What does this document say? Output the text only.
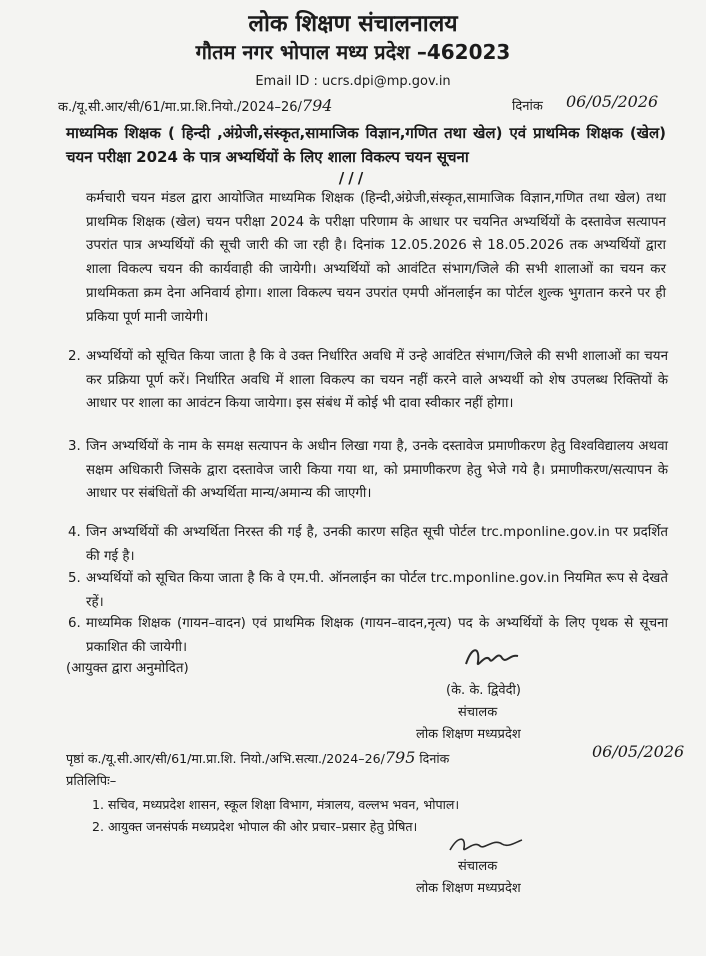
लोक शिक्षण संचालनालय
गौतम नगर भोपाल मध्य प्रदेश –462023
Email ID : ucrs.dpi@mp.gov.in
क./यू.सी.आर/सी/61/मा.प्रा.शि.नियो./2024–26/794	दिनांक 06/05/2026
माध्यमिक शिक्षक ( हिन्दी ,अंग्रेजी,संस्कृत,सामाजिक विज्ञान,गणित तथा खेल) एवं प्राथमिक शिक्षक (खेल) चयन परीक्षा 2024 के पात्र अभ्यर्थियों के लिए शाला विकल्प चयन सूचना
///

कर्मचारी चयन मंडल द्वारा आयोजित माध्यमिक शिक्षक (हिन्दी,अंग्रेजी,संस्कृत,सामाजिक विज्ञान,गणित तथा खेल) तथा प्राथमिक शिक्षक (खेल) चयन परीक्षा 2024 के परीक्षा परिणाम के आधार पर चयनित अभ्यर्थियों के दस्तावेज सत्यापन उपरांत पात्र अभ्यर्थियों की सूची जारी की जा रही है। दिनांक 12.05.2026 से 18.05.2026 तक अभ्यर्थियों द्वारा शाला विकल्प चयन की कार्यवाही की जायेगी। अभ्यर्थियों को आवंटित संभाग/जिले की सभी शालाओं का चयन कर प्राथमिकता क्रम देना अनिवार्य होगा। शाला विकल्प चयन उपरांत एमपी ऑनलाईन का पोर्टल शुल्क भुगतान करने पर ही प्रकिया पूर्ण मानी जायेगी।

2. अभ्यर्थियों को सूचित किया जाता है कि वे उक्त निर्धारित अवधि में उन्हे आवंटित संभाग/जिले की सभी शालाओं का चयन कर प्रक्रिया पूर्ण करें। निर्धारित अवधि में शाला विकल्प का चयन नहीं करने वाले अभ्यर्थी को शेष उपलब्ध रिक्तियों के आधार पर शाला का आवंटन किया जायेगा। इस संबंध में कोई भी दावा स्वीकार नहीं होगा।
3. जिन अभ्यर्थियों के नाम के समक्ष सत्यापन के अधीन लिखा गया है, उनके दस्तावेज प्रमाणीकरण हेतु विश्वविद्यालय अथवा सक्षम अधिकारी जिसके द्वारा दस्तावेज जारी किया गया था, को प्रमाणीकरण हेतु भेजे गये है। प्रमाणीकरण/सत्यापन के आधार पर संबंधितों की अभ्यर्थिता मान्य/अमान्य की जाएगी।
4. जिन अभ्यर्थियों की अभ्यर्थिता निरस्त की गई है, उनकी कारण सहित सूची पोर्टल trc.mponline.gov.in पर प्रदर्शित की गई है।
5. अभ्यर्थियों को सूचित किया जाता है कि वे एम.पी. ऑनलाईन का पोर्टल trc.mponline.gov.in नियमित रूप से देखते रहें।
6. माध्यमिक शिक्षक (गायन–वादन) एवं प्राथमिक शिक्षक (गायन–वादन,नृत्य) पद के अभ्यर्थियों के लिए पृथक से सूचना प्रकाशित की जायेगी।
(आयुक्त द्वारा अनुमोदित)
(के. के. द्विवेदी)
संचालक
लोक शिक्षण मध्यप्रदेश
पृष्ठां क./यू.सी.आर/सी/61/मा.प्रा.शि. नियो./अभि.सत्या./2024–26/795 दिनांक	06/05/2026
प्रतिलिपिः–
1. सचिव, मध्यप्रदेश शासन, स्कूल शिक्षा विभाग, मंत्रालय, वल्लभ भवन, भोपाल।
2. आयुक्त जनसंपर्क मध्यप्रदेश भोपाल की ओर प्रचार–प्रसार हेतु प्रेषित।
संचालक
लोक शिक्षण मध्यप्रदेश
